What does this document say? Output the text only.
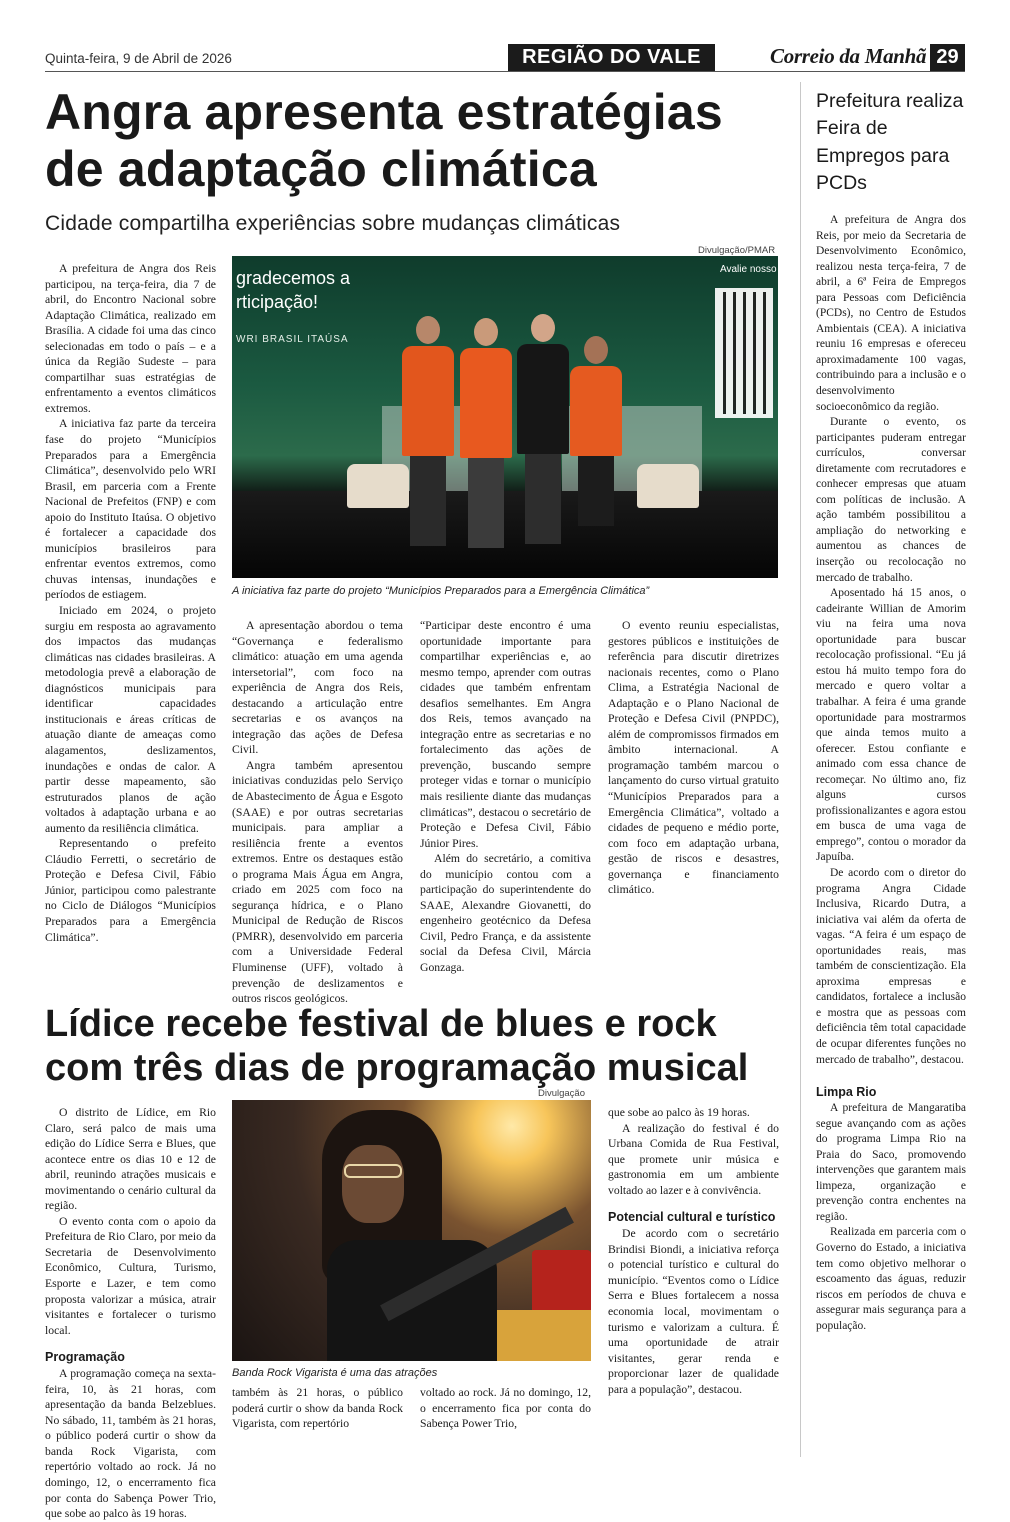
Quinta-feira, 9 de Abril de 2026	REGIÃO DO VALE	Correio da Manhã 29
Angra apresenta estratégias de adaptação climática
Cidade compartilha experiências sobre mudanças climáticas
Divulgação/PMAR
gradecemos a
rticipação!
WRI BRASIL ITAÚSA
Avalie nosso
A iniciativa faz parte do projeto “Municípios Preparados para a Emergência Climática”

A prefeitura de Angra dos Reis participou, na terça-feira, dia 7 de abril, do Encontro Nacional sobre Adaptação Climática, realizado em Brasília. A cidade foi uma das cinco selecionadas em todo o país – e a única da Região Sudeste – para compartilhar suas estratégias de enfrentamento a eventos climáticos extremos.

A iniciativa faz parte da terceira fase do projeto “Municípios Preparados para a Emergência Climática”, desenvolvido pelo WRI Brasil, em parceria com a Frente Nacional de Prefeitos (FNP) e com apoio do Instituto Itaúsa. O objetivo é fortalecer a capacidade dos municípios brasileiros para enfrentar eventos extremos, como chuvas intensas, inundações e períodos de estiagem.

Iniciado em 2024, o projeto surgiu em resposta ao agravamento dos impactos das mudanças climáticas nas cidades brasileiras. A metodologia prevê a elaboração de diagnósticos municipais para identificar capacidades institucionais e áreas críticas de atuação diante de ameaças como alagamentos, deslizamentos, inundações e ondas de calor. A partir desse mapeamento, são estruturados planos de ação voltados à adaptação urbana e ao aumento da resiliência climática.

Representando o prefeito Cláudio Ferretti, o secretário de Proteção e Defesa Civil, Fábio Júnior, participou como palestrante no Ciclo de Diálogos “Municípios Preparados para a Emergência Climática”.

A apresentação abordou o tema “Governança e federalismo climático: atuação em uma agenda intersetorial”, com foco na experiência de Angra dos Reis, destacando a articulação entre secretarias e os avanços na integração das ações de Defesa Civil.

Angra também apresentou iniciativas conduzidas pelo Serviço de Abastecimento de Água e Esgoto (SAAE) e por outras secretarias municipais. para ampliar a resiliência frente a eventos extremos. Entre os destaques estão o programa Mais Água em Angra, criado em 2025 com foco na segurança hídrica, e o Plano Municipal de Redução de Riscos (PMRR), desenvolvido em parceria com a Universidade Federal Fluminense (UFF), voltado à prevenção de deslizamentos e outros riscos geológicos.

“Participar deste encontro é uma oportunidade importante para compartilhar experiências e, ao mesmo tempo, aprender com outras cidades que também enfrentam desafios semelhantes. Em Angra dos Reis, temos avançado na integração entre as secretarias e no fortalecimento das ações de prevenção, buscando sempre proteger vidas e tornar o município mais resiliente diante das mudanças climáticas”, destacou o secretário de Proteção e Defesa Civil, Fábio Júnior Pires.

Além do secretário, a comitiva do município contou com a participação do superintendente do SAAE, Alexandre Giovanetti, do engenheiro geotécnico da Defesa Civil, Pedro França, e da assistente social da Defesa Civil, Márcia Gonzaga.

O evento reuniu especialistas, gestores públicos e instituições de referência para discutir diretrizes nacionais recentes, como o Plano Clima, a Estratégia Nacional de Adaptação e o Plano Nacional de Proteção e Defesa Civil (PNPDC), além de compromissos firmados em âmbito internacional. A programação também marcou o lançamento do curso virtual gratuito “Municípios Preparados para a Emergência Climática”, voltado a cidades de pequeno e médio porte, com foco em adaptação urbana, gestão de riscos e desastres, governança e financiamento climático.

Lídice recebe festival de blues e rock com três dias de programação musical
Divulgação
Banda Rock Vigarista é uma das atrações

O distrito de Lídice, em Rio Claro, será palco de mais uma edição do Lídice Serra e Blues, que acontece entre os dias 10 e 12 de abril, reunindo atrações musicais e movimentando o cenário cultural da região.

O evento conta com o apoio da Prefeitura de Rio Claro, por meio da Secretaria de Desenvolvimento Econômico, Cultura, Turismo, Esporte e Lazer, e tem como proposta valorizar a música, atrair visitantes e fortalecer o turismo local.

Programação

A programação começa na sexta-feira, 10, às 21 horas, com apresentação da banda Belzeblues. No sábado, 11, também às 21 horas, o público poderá curtir o show da banda Rock Vigarista, com repertório voltado ao rock. Já no domingo, 12, o encerramento fica por conta do Sabença Power Trio, que sobe ao palco às 19 horas.

também às 21 horas, o público poderá curtir o show da banda Rock Vigarista, com repertório

voltado ao rock. Já no domingo, 12, o encerramento fica por conta do Sabença Power Trio,

que sobe ao palco às 19 horas.

A realização do festival é do Urbana Comida de Rua Festival, que promete unir música e gastronomia em um ambiente voltado ao lazer e à convivência.

Potencial cultural e turístico

De acordo com o secretário Brindisi Biondi, a iniciativa reforça o potencial turístico e cultural do município. “Eventos como o Lídice Serra e Blues fortalecem a nossa economia local, movimentam o turismo e valorizam a cultura. É uma oportunidade de atrair visitantes, gerar renda e proporcionar lazer de qualidade para a população”, destacou.

Prefeitura realiza Feira de Empregos para PCDs

A prefeitura de Angra dos Reis, por meio da Secretaria de Desenvolvimento Econômico, realizou nesta terça-feira, 7 de abril, a 6ª Feira de Empregos para Pessoas com Deficiência (PCDs), no Centro de Estudos Ambientais (CEA). A iniciativa reuniu 16 empresas e ofereceu aproximadamente 100 vagas, contribuindo para a inclusão e o desenvolvimento socioeconômico da região.

Durante o evento, os participantes puderam entregar currículos, conversar diretamente com recrutadores e conhecer empresas que atuam com políticas de inclusão. A ação também possibilitou a ampliação do networking e aumentou as chances de inserção ou recolocação no mercado de trabalho.

Aposentado há 15 anos, o cadeirante Willian de Amorim viu na feira uma nova oportunidade para buscar recolocação profissional. “Eu já estou há muito tempo fora do mercado e quero voltar a trabalhar. A feira é uma grande oportunidade para mostrarmos que ainda temos muito a oferecer. Estou confiante e animado com essa chance de recomeçar. No último ano, fiz alguns cursos profissionalizantes e agora estou em busca de uma vaga de emprego”, contou o morador da Japuíba.

De acordo com o diretor do programa Angra Cidade Inclusiva, Ricardo Dutra, a iniciativa vai além da oferta de vagas. “A feira é um espaço de oportunidades reais, mas também de conscientização. Ela aproxima empresas e candidatos, fortalece a inclusão e mostra que as pessoas com deficiência têm total capacidade de ocupar diferentes funções no mercado de trabalho”, destacou.

Limpa Rio

A prefeitura de Mangaratiba segue avançando com as ações do programa Limpa Rio na Praia do Saco, promovendo intervenções que garantem mais limpeza, organização e prevenção contra enchentes na região.

Realizada em parceria com o Governo do Estado, a iniciativa tem como objetivo melhorar o escoamento das águas, reduzir riscos em períodos de chuva e assegurar mais segurança para a população.
